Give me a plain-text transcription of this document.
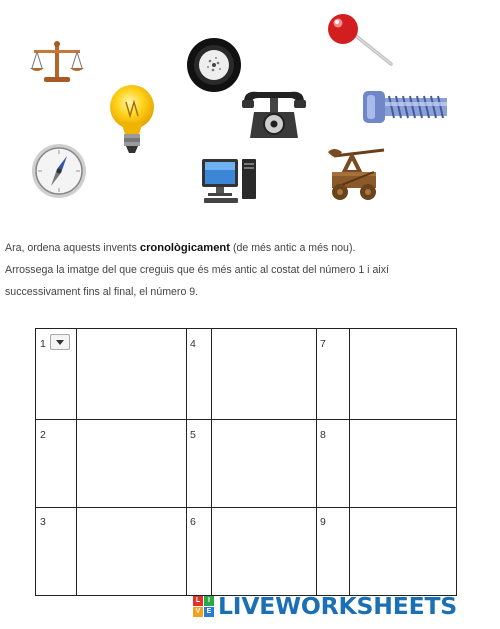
Ara, ordena aquests invents cronològicament (de més antic a més nou).
Arrossega la imatge del que creguis que és més antic al costat del número 1 i així
successivament fins al final, el número 9.
1
2
3
4
5
6
7
8
9
L	I
V E LIVEWORKSHEETS
